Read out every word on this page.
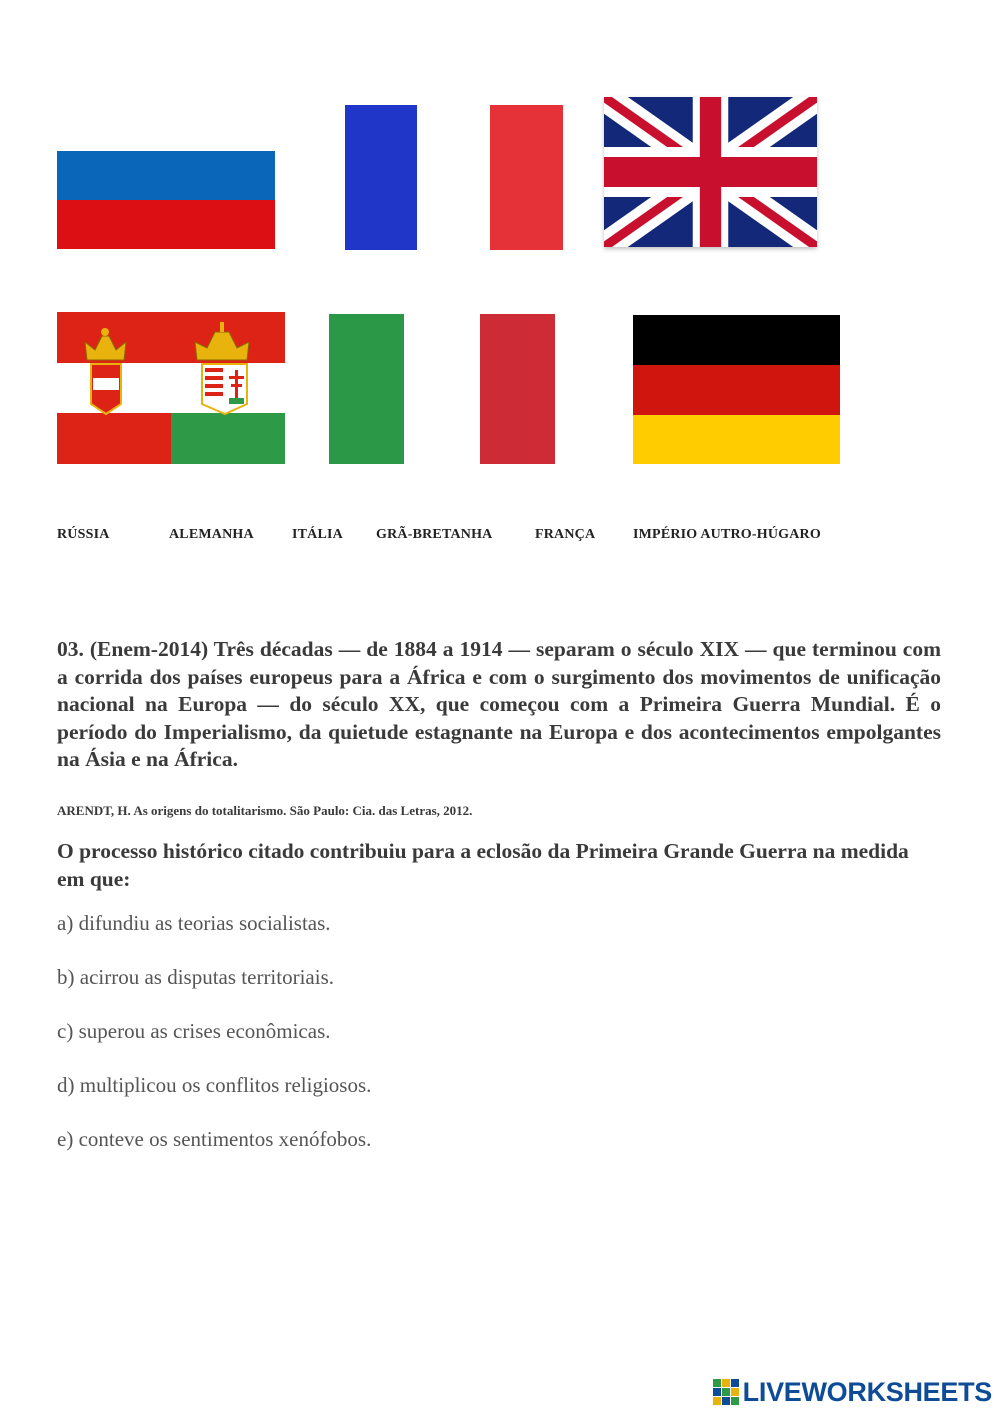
RÚSSIA	ALEMANHA	ITÁLIA GRÃ-BRETANHA	FRANÇA	IMPÉRIO AUTRO-HÚGARO

03. (Enem-2014) Três décadas — de 1884 a 1914 — separam o século XIX — que terminou com a corrida dos países europeus para a África e com o surgimento dos movimentos de unificação nacional na Europa — do século XX, que começou com a Primeira Guerra Mundial. É o período do Imperialismo, da quietude estagnante na Europa e dos acontecimentos empolgantes na Ásia e na África.

ARENDT, H. As origens do totalitarismo. São Paulo: Cia. das Letras, 2012.

O processo histórico citado contribuiu para a eclosão da Primeira Grande Guerra na medida em que:

a) difundiu as teorias socialistas.

b) acirrou as disputas territoriais.

c) superou as crises econômicas.

d) multiplicou os conflitos religiosos.

e) conteve os sentimentos xenófobos.

LIVEWORKSHEETS
